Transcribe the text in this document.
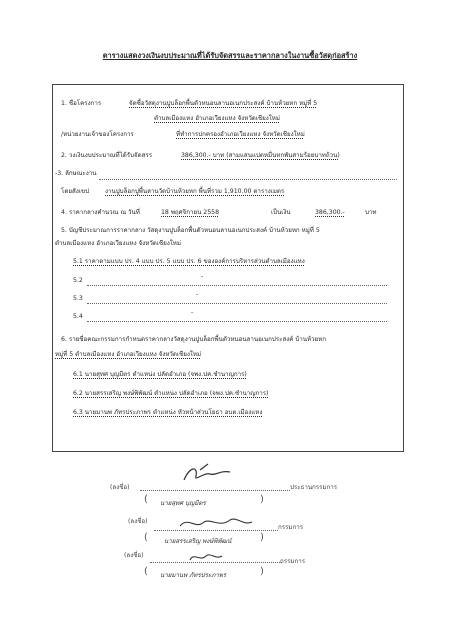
ตารางแสดงวงเงินงบประมาณที่ได้รับจัดสรรและราคากลางในงานซื้อวัสดุก่อสร้าง
1. ชื่อโครงการ	จัดซื้อวัสดุงานปูบล็อกพื้นตัวหนอนลานอเนกประสงค์ บ้านห้วยหก หมู่ที่ 5
ตำบลเมืองแหง อำเภอเวียงแหง จังหวัดเชียงใหม่
/หน่วยงานเจ้าของโครงการ	ที่ทำการปกครองอำเภอเวียงแหง จังหวัดเชียงใหม่
2. วงเงินงบประมาณที่ได้รับจัดสรร	386,300.- บาท (สามแสนแปดหมื่นหกพันสามร้อยบาทถ้วน)
-3. ลักษณะงาน
โดยสังเขป	งานปูบล็อกปูพื้นลานวัดบ้านห้วยหก พื้นที่รวม 1,910.00 ตารางเมตร
4. ราคากลางคำนวณ ณ วันที่	18 พฤศจิกายน 2558	เป็นเงิน	386,300.-	บาท
5. บัญชีประมาณการราคากลาง วัสดุงานปูบล็อกพื้นตัวหนอนลานอเนกประสงค์ บ้านห้วยหก หมู่ที่ 5
ตำบลเมืองแหง อำเภอเวียงแหง จังหวัดเชียงใหม่
5.1 ราคาตามแบบ ปร. 4 แบบ ปร. 5 แบบ ปร. 6 ขององค์การบริหารส่วนตำบลเมืองแหง
5.2
-
5.3
-
5.4
-
6. รายชื่อคณะกรรมการกำหนดราคากลางวัสดุงานปูบล็อกพื้นตัวหนอนลานอเนกประสงค์ บ้านห้วยหก
หมู่ที่ 5 ตำบลเมืองแหง อำเภอเวียงแหง จังหวัดเชียงใหม่
6.1 นายสุทศ บุญมีตร ตำแหน่ง ปลัดอำเภอ (จพง.ปค.ชำนาญการ)
6.2 นายสรรเสริญ พงษ์พิพัฒน์ ตำแหน่ง ปลัดอำเภอ (จพง.ปค.ชำนาญการ)
6.3 นายมานพ ภัทรประภาพร ตำแหน่ง หัวหน้าส่วนโยธา อบต.เมืองแหง
(ลงชื่อ)	ประธานกรรมการ
( นายสุทศ บุญมีตร	)
(ลงชื่อ)
กรรมการ
(	นายสรรเสริญ พงษ์พิพัฒน์	)
(ลงชื่อ)
กรรมการ
( นายมานพ ภัทรประภาพร	)
